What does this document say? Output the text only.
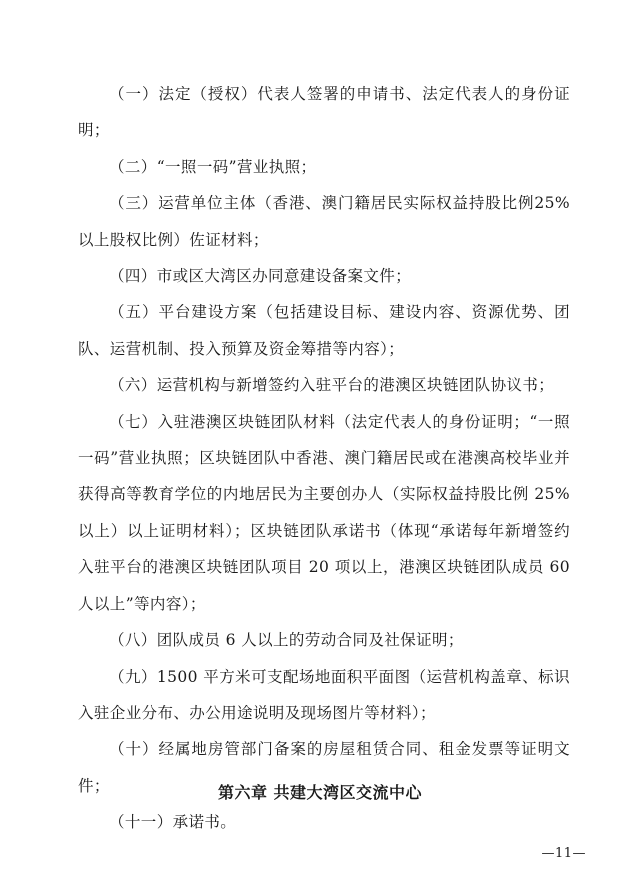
（一）法定（授权）代表人签署的申请书、法定代表人的身份证明；

（二）“一照一码”营业执照；

（三）运营单位主体（香港、澳门籍居民实际权益持股比例25%以上股权比例）佐证材料；

（四）市或区大湾区办同意建设备案文件；

（五）平台建设方案（包括建设目标、建设内容、资源优势、团队、运营机制、投入预算及资金筹措等内容）；

（六）运营机构与新增签约入驻平台的港澳区块链团队协议书；

（七）入驻港澳区块链团队材料（法定代表人的身份证明；“一照一码”营业执照；区块链团队中香港、澳门籍居民或在港澳高校毕业并获得高等教育学位的内地居民为主要创办人（实际权益持股比例 25%以上）以上证明材料）；区块链团队承诺书（体现“承诺每年新增签约入驻平台的港澳区块链团队项目 20 项以上，港澳区块链团队成员 60 人以上”等内容）；

（八）团队成员 6 人以上的劳动合同及社保证明；

（九）1500 平方米可支配场地面积平面图（运营机构盖章、标识入驻企业分布、办公用途说明及现场图片等材料）；

（十）经属地房管部门备案的房屋租赁合同、租金发票等证明文件；

（十一）承诺书。

第六章 共建大湾区交流中心
—11—
